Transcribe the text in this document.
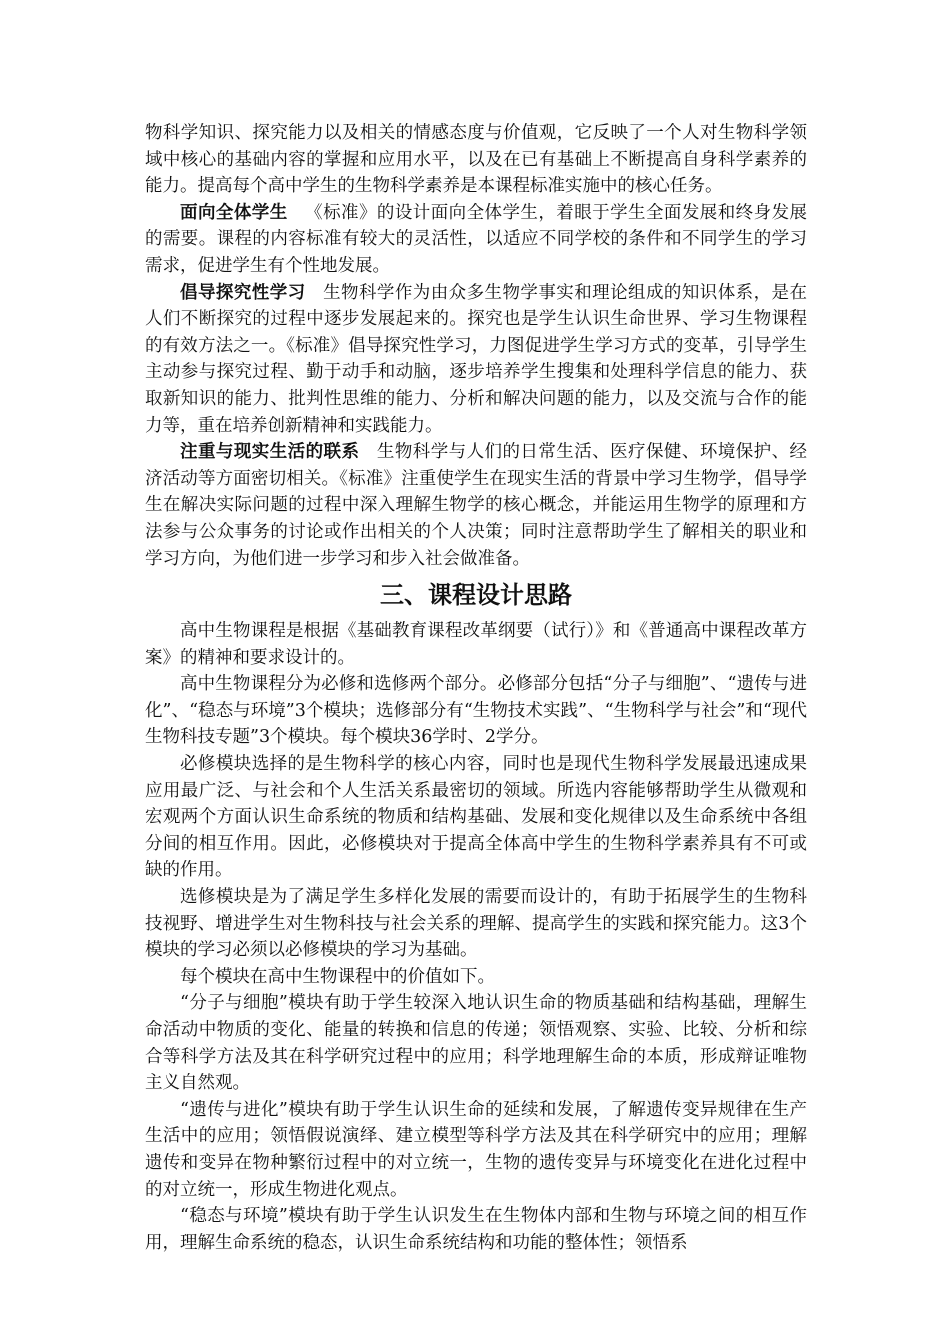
物科学知识、探究能力以及相关的情感态度与价值观，它反映了一个人对生物科学领域中核心的基础内容的掌握和应用水平，以及在已有基础上不断提高自身科学素养的能力。提高每个高中学生的生物科学素养是本课程标准实施中的核心任务。

面向全体学生 《标准》的设计面向全体学生，着眼于学生全面发展和终身发展的需要。课程的内容标准有较大的灵活性，以适应不同学校的条件和不同学生的学习需求，促进学生有个性地发展。

倡导探究性学习 生物科学作为由众多生物学事实和理论组成的知识体系，是在人们不断探究的过程中逐步发展起来的。探究也是学生认识生命世界、学习生物课程的有效方法之一。《标准》倡导探究性学习，力图促进学生学习方式的变革，引导学生主动参与探究过程、勤于动手和动脑，逐步培养学生搜集和处理科学信息的能力、获取新知识的能力、批判性思维的能力、分析和解决问题的能力，以及交流与合作的能力等，重在培养创新精神和实践能力。

注重与现实生活的联系 生物科学与人们的日常生活、医疗保健、环境保护、经济活动等方面密切相关。《标准》注重使学生在现实生活的背景中学习生物学，倡导学生在解决实际问题的过程中深入理解生物学的核心概念，并能运用生物学的原理和方法参与公众事务的讨论或作出相关的个人决策；同时注意帮助学生了解相关的职业和学习方向，为他们进一步学习和步入社会做准备。

三、课程设计思路

高中生物课程是根据《基础教育课程改革纲要（试行）》和《普通高中课程改革方案》的精神和要求设计的。

高中生物课程分为必修和选修两个部分。必修部分包括“分子与细胞”、“遗传与进化”、“稳态与环境”3个模块；选修部分有“生物技术实践”、“生物科学与社会”和“现代生物科技专题”3个模块。每个模块36学时、2学分。

必修模块选择的是生物科学的核心内容，同时也是现代生物科学发展最迅速成果应用最广泛、与社会和个人生活关系最密切的领域。所选内容能够帮助学生从微观和宏观两个方面认识生命系统的物质和结构基础、发展和变化规律以及生命系统中各组分间的相互作用。因此，必修模块对于提高全体高中学生的生物科学素养具有不可或缺的作用。

选修模块是为了满足学生多样化发展的需要而设计的，有助于拓展学生的生物科技视野、增进学生对生物科技与社会关系的理解、提高学生的实践和探究能力。这3个模块的学习必须以必修模块的学习为基础。

每个模块在高中生物课程中的价值如下。

“分子与细胞”模块有助于学生较深入地认识生命的物质基础和结构基础，理解生命活动中物质的变化、能量的转换和信息的传递；领悟观察、实验、比较、分析和综合等科学方法及其在科学研究过程中的应用；科学地理解生命的本质，形成辩证唯物主义自然观。

“遗传与进化”模块有助于学生认识生命的延续和发展，了解遗传变异规律在生产生活中的应用；领悟假说演绎、建立模型等科学方法及其在科学研究中的应用；理解遗传和变异在物种繁衍过程中的对立统一，生物的遗传变异与环境变化在进化过程中的对立统一，形成生物进化观点。

“稳态与环境”模块有助于学生认识发生在生物体内部和生物与环境之间的相互作用，理解生命系统的稳态，认识生命系统结构和功能的整体性；领悟系
